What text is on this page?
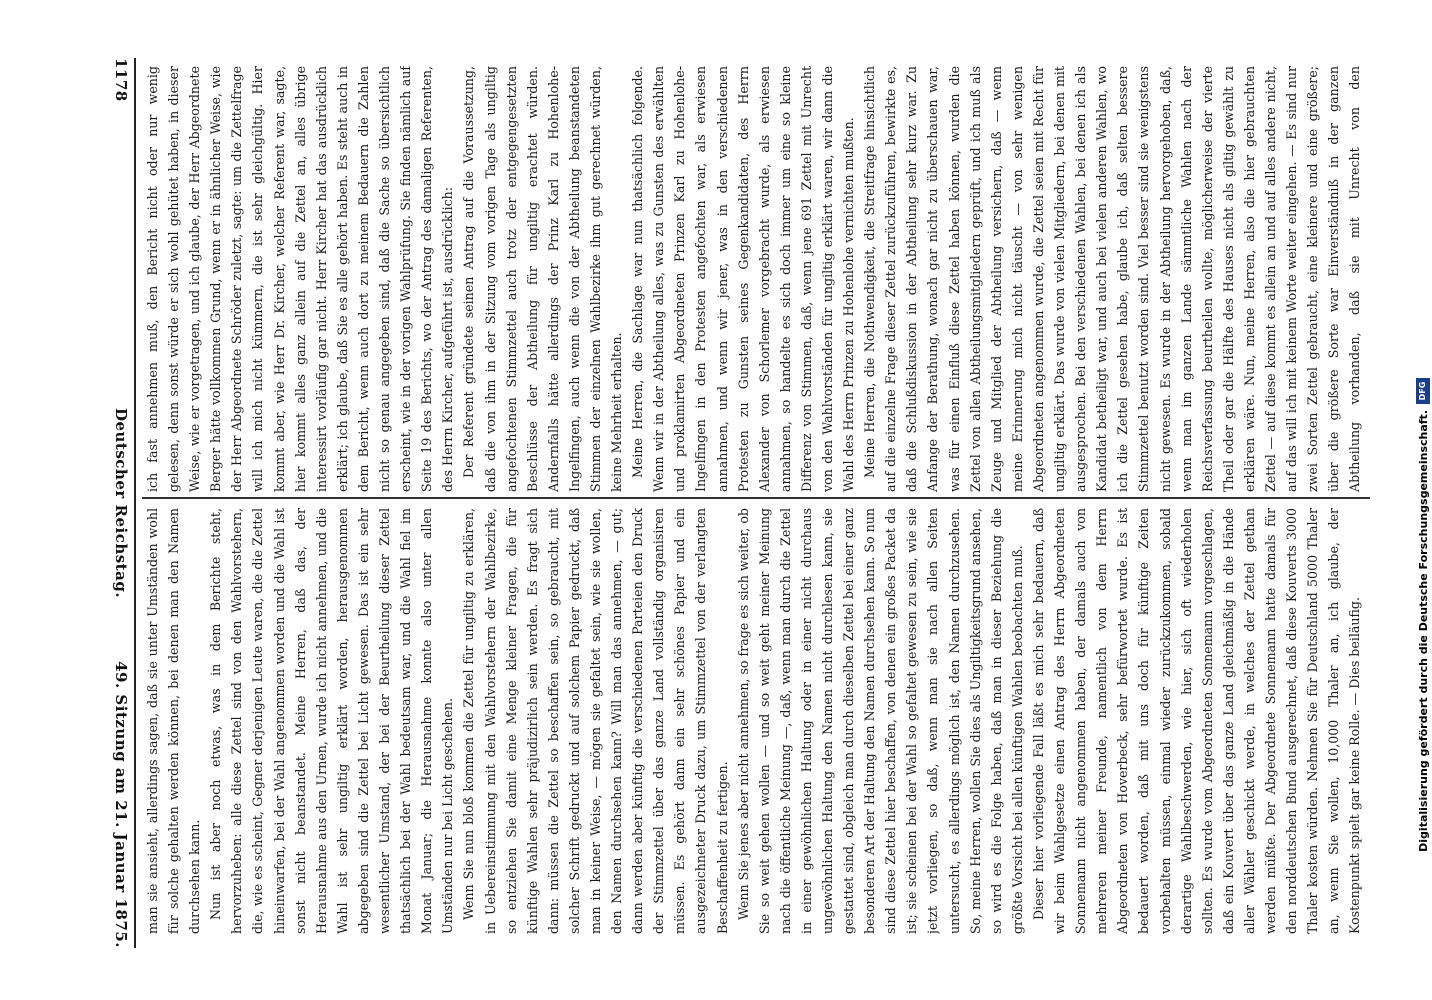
1178
Deutscher Reichstag.
49. Sitzung am 21. Januar 1875.

ich fast annehmen muß, den Bericht nicht oder nur wenig gelesen, denn sonst würde er sich wohl gehütet haben, in dieser Weise, wie er vorgetragen, und ich glaube, der Herr Abgeordnete Berger hätte vollkommen Grund, wenn er in ähnlicher Weise, wie der Herr Abgeordnete Schröder zuletzt, sagte: um die Zettelfrage will ich mich nicht kümmern, die ist sehr gleichgültig. Hier kommt aber, wie Herr Dr. Kircher, welcher Referent war, sagte, hier kommt alles ganz allein auf die Zettel an, alles übrige interessirt vorläufig gar nicht. Herr Kircher hat das ausdrücklich erklärt; ich glaube, daß Sie es alle gehört haben. Es steht auch in dem Bericht, wenn auch dort zu meinem Bedauern die Zahlen nicht so genau angegeben sind, daß die Sache so übersichtlich erscheint, wie in der vorigen Wahlprüfung. Sie finden nämlich auf Seite 19 des Berichts, wo der Antrag des damaligen Referenten, des Herrn Kircher, aufgeführt ist, ausdrücklich: Der Referent gründete seinen Antrag auf die Voraussetzung, daß die von ihm in der Sitzung vom vorigen Tage als ungiltig angefochtenen Stimmzettel auch trotz der entgegengesetzten Beschlüsse der Abtheilung für ungiltig erachtet würden. Andernfalls hätte allerdings der Prinz Karl zu Hohenlohe-Ingelfingen, auch wenn die von der Abtheilung beanstandeten Stimmen der einzelnen Wahlbezirke ihm gut gerechnet würden, keine Mehrheit erhalten. Meine Herren, die Sachlage war nun thatsächlich folgende. Wenn wir in der Abtheilung alles, was zu Gunsten des erwählten und proklamirten Abgeordneten Prinzen Karl zu Hohenlohe-Ingelfingen in den Protesten angefochten war, als erwiesen annahmen, und wenn wir jener, was in den verschiedenen Protesten zu Gunsten seines Gegenkandidaten, des Herrn Alexander von Schorlemer vorgebracht wurde, als erwiesen annahmen, so handelte es sich doch immer um eine so kleine Differenz von Stimmen, daß, wenn jene 691 Zettel mit Unrecht von den Wahlvorständen für ungiltig erklärt waren, wir dann die Wahl des Herrn Prinzen zu Hohenlohe vernichten mußten. Meine Herren, die Nothwendigkeit, die Streitfrage hinsichtlich auf die einzelne Frage dieser Zettel zurückzuführen, bewirkte es, daß die Schlußdiskussion in der Abtheilung sehr kurz war. Zu Anfange der Berathung, wonach gar nicht zu überschauen war, was für einen Einfluß diese Zettel haben können, wurden die Zettel von allen Abtheilungsmitgliedern geprüft, und ich muß als Zeuge und Mitglied der Abtheilung versichern, daß — wenn meine Erinnerung mich nicht täuscht — von sehr wenigen Abgeordneten angenommen wurde, die Zettel seien mit Recht für ungiltig erklärt. Das wurde von vielen Mitgliedern, bei denen mit ausgesprochen. Bei den verschiedenen Wahlen, bei denen ich als Kandidat betheiligt war, und auch bei vielen anderen Wahlen, wo ich die Zettel gesehen habe, glaube ich, daß selten bessere Stimmzettel benutzt worden sind. Viel besser sind sie wenigstens nicht gewesen. Es wurde in der Abtheilung hervorgehoben, daß, wenn man im ganzen Lande sämmtliche Wahlen nach der Reichsverfassung beurtheilen wollte, möglicherweise der vierte Theil oder gar die Hälfte des Hauses nicht als giltig gewählt zu erklären wäre. Nun, meine Herren, also die hier gebrauchten Zettel — auf diese kommt es allein an und auf alles andere nicht, auf das will ich mit keinem Worte weiter eingehen. — Es sind nur zwei Sorten Zettel gebraucht, eine kleinere und eine größere; über die größere Sorte war Einverständniß in der ganzen Abtheilung vorhanden, daß sie mit Unrecht von den

man sie ansieht, allerdings sagen, daß sie unter Umständen wohl für solche gehalten werden können, bei denen man den Namen durchsehen kann. Nun ist aber noch etwas, was in dem Berichte steht, hervorzuheben: alle diese Zettel sind von den Wahlvorstehern, die, wie es scheint, Gegner derjenigen Leute waren, die die Zettel hineinwarfen, bei der Wahl angenommen worden und die Wahl ist sonst nicht beanstandet. Meine Herren, daß das, der Herausnahme aus den Urnen, wurde ich nicht annehmen, und die Wahl ist sehr ungiltig erklärt worden, herausgenommen abgegeben sind die Zettel bei Licht gewesen. Das ist ein sehr wesentlicher Umstand, der bei der Beurtheilung dieser Zettel thatsächlich bei der Wahl bedeutsam war, und die Wahl fiel im Monat Januar; die Herausnahme konnte also unter allen Umständen nur bei Licht geschehen. Wenn Sie nun bloß kommen die Zettel für ungiltig zu erklären, in Uebereinstimmung mit den Wahlvorstehern der Wahlbezirke, so entziehen Sie damit eine Menge kleiner Fragen, die für künftige Wahlen sehr präjudizirlich sein werden. Es fragt sich dann: müssen die Zettel so beschaffen sein, so gebraucht, mit solcher Schrift gedruckt und auf solchem Papier gedruckt, daß man in keiner Weise, — mögen sie gefaltet sein, wie sie wollen, den Namen durchsehen kann? Will man das annehmen, — gut; dann werden aber künftig die verschiedenen Parteien den Druck der Stimmzettel über das ganze Land vollständig organisiren müssen. Es gehört dann ein sehr schönes Papier und ein ausgezeichneter Druck dazu, um Stimmzettel von der verlangten Beschaffenheit zu fertigen. Wenn Sie jenes aber nicht annehmen, so frage es sich weiter, ob Sie so weit gehen wollen — und so weit geht meiner Meinung nach die öffentliche Meinung —, daß, wenn man durch die Zettel in einer gewöhnlichen Haltung oder in einer nicht durchaus ungewöhnlichen Haltung den Namen nicht durchlesen kann, sie gestattet sind, obgleich man durch dieselben Zettel bei einer ganz besonderen Art der Haltung den Namen durchsehen kann. So nun sind diese Zettel hier beschaffen, von denen ein großes Packet da ist; sie scheinen bei der Wahl so gefaltet gewesen zu sein, wie sie jetzt vorliegen, so daß, wenn man sie nach allen Seiten untersucht, es allerdings möglich ist, den Namen durchzusehen. So, meine Herren, wollen Sie dies als Ungiltigkeitsgrund ansehen, so wird es die Folge haben, daß man in dieser Beziehung die größte Vorsicht bei allen künftigen Wahlen beobachten muß. Dieser hier vorliegende Fall läßt es mich sehr bedauern, daß wir beim Wahlgesetze einen Antrag des Herrn Abgeordneten Sonnemann nicht angenommen haben, der damals auch von mehreren meiner Freunde, namentlich von dem Herrn Abgeordneten von Hoverbeck, sehr befürwortet wurde. Es ist bedauert worden, daß mit uns doch für künftige Zeiten vorbehalten müssen, einmal wieder zurückzukommen, sobald derartige Wahlbeschwerden, wie hier, sich oft wiederholen sollten. Es wurde vom Abgeordneten Sonnemann vorgeschlagen, daß ein Kouvert über das ganze Land gleichmäßig in die Hände aller Wähler geschickt werde, in welches der Zettel gethan werden müßte. Der Abgeordnete Sonnemann hatte damals für den norddeutschen Bund ausgerechnet, daß diese Kouverts 3000 Thaler kosten würden. Nehmen Sie für Deutschland 5000 Thaler an, wenn Sie wollen, 10,000 Thaler an, ich glaube, der Kostenpunkt spielt gar keine Rolle. — Dies beiläufig.	Digitalisierung gefördert durch die Deutsche Forschungsgemeinschaft.
DFG
